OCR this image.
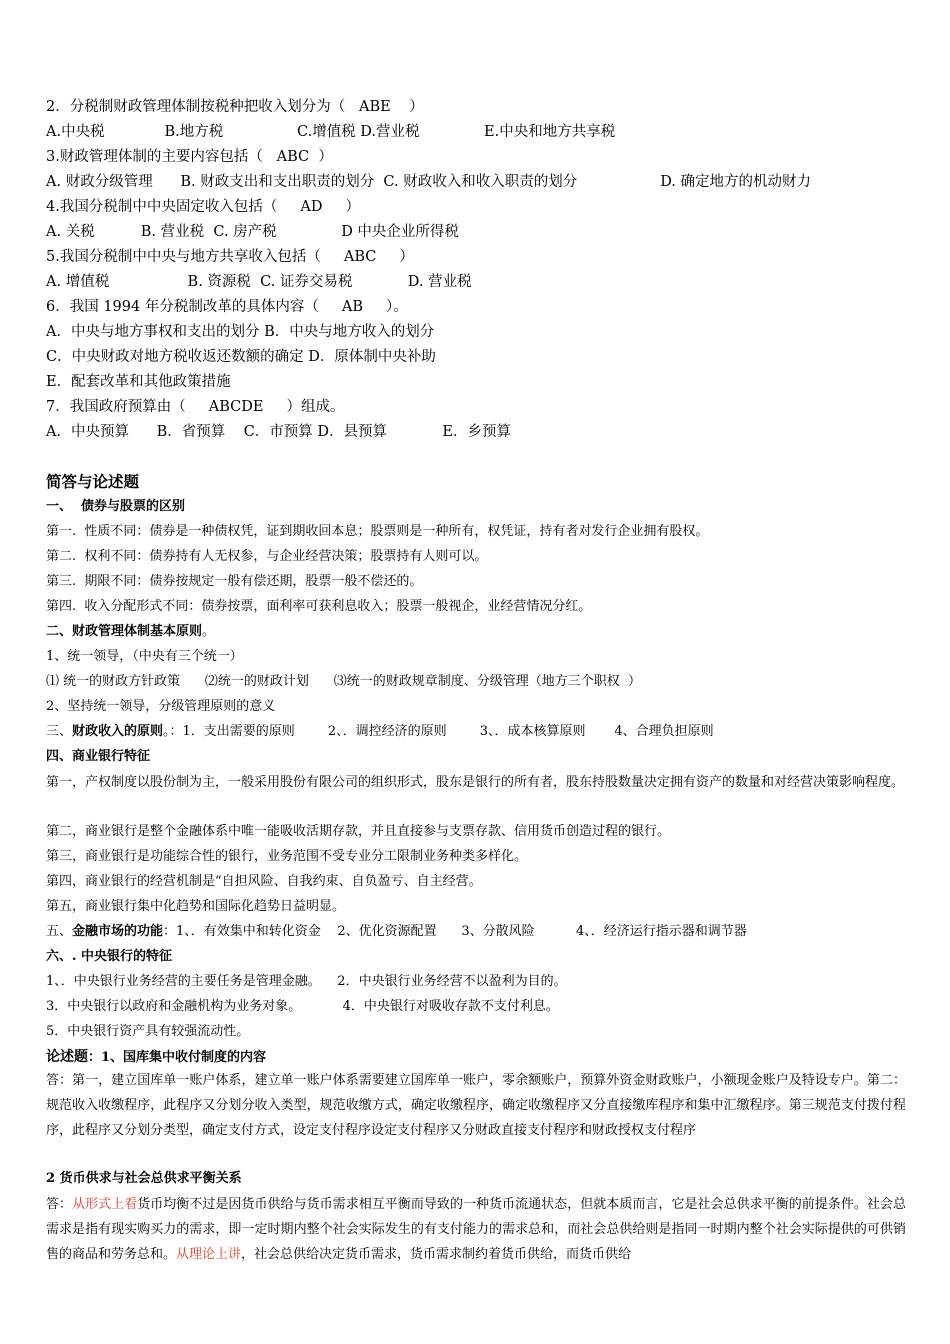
2．分税制财政管理体制按税种把收入划分为（   ABE    ）
A.中央税             B.地方税                C.增值税 D.营业税              E.中央和地方共享税
3.财政管理体制的主要内容包括（   ABC  ）
A. 财政分级管理      B. 财政支出和支出职责的划分  C. 财政收入和收入职责的划分                  D. 确定地方的机动财力
4.我国分税制中中央固定收入包括（     AD     ）
A. 关税          B. 营业税  C. 房产税              D 中央企业所得税
5.我国分税制中中央与地方共享收入包括（     ABC     ）
A. 增值税                 B. 资源税  C. 证券交易税            D. 营业税
6．我国 1994 年分税制改革的具体内容（     AB     ）。
A．中央与地方事权和支出的划分 B．中央与地方收入的划分
C．中央财政对地方税收返还数额的确定 D．原体制中央补助
E．配套改革和其他政策措施
7．我国政府预算由（     ABCDE     ）组成。
A．中央预算      B．省预算    C．市预算 D．县预算            E．乡预算
简答与论述题
一、  债券与股票的区别
第一.  性质不同：债券是一种债权凭，证到期收回本息；股票则是一种所有，权凭证，持有者对发行企业拥有股权。
第二.  权利不同：债券持有人无权参，与企业经营决策；股票持有人则可以。
第三.  期限不同：债券按规定一般有偿还期，股票一般不偿还的。
第四.  收入分配形式不同：债券按票，面利率可获利息收入；股票一般视企，业经营情况分红。
二、财政管理体制基本原则。
1、统一领导，（中央有三个统一）
⑴ 统一的财政方针政策      ⑵统一的财政计划      ⑶统一的财政规章制度、分级管理（地方三个职权  ）
2、坚持统一领导，分级管理原则的意义
三、财政收入的原则。：1．支出需要的原则        2、．调控经济的原则        3、．成本核算原则       4、合理负担原则
四、商业银行特征
第一，产权制度以股份制为主，一般采用股份有限公司的组织形式，股东是银行的所有者，股东持股数量决定拥有资产的数量和对经营决策影响程度。
第二，商业银行是整个金融体系中唯一能吸收活期存款，并且直接参与支票存款、信用货币创造过程的银行。
第三，商业银行是功能综合性的银行，业务范围不受专业分工限制业务种类多样化。
第四，商业银行的经营机制是“自担风险、自我约束、自负盈亏、自主经营。
第五，商业银行集中化趋势和国际化趋势日益明显。
五、金融市场的功能：1、．有效集中和转化资金    2、优化资源配置      3、分散风险          4、．经济运行指示器和调节器
六、. 中央银行的特征
1、．中央银行业务经营的主要任务是管理金融。    2．中央银行业务经营不以盈利为目的。
3．中央银行以政府和金融机构为业务对象。          4．中央银行对吸收存款不支付利息。
5．中央银行资产具有较强流动性。
论述题：1、国库集中收付制度的内容
答：第一，建立国库单一账户体系，建立单一账户体系需要建立国库单一账户，零余额账户，预算外资金财政账户，小额现金账户及特设专户。第二：规范收入收缴程序，此程序又分划分收入类型，规范收缴方式，确定收缴程序，确定收缴程序又分直接缴库程序和集中汇缴程序。第三规范支付拨付程序，此程序又分划分类型，确定支付方式，设定支付程序设定支付程序又分财政直接支付程序和财政授权支付程序
2 货币供求与社会总供求平衡关系
答：从形式上看货币均衡不过是因货币供给与货币需求相互平衡而导致的一种货币流通状态，但就本质而言，它是社会总供求平衡的前提条件。社会总需求是指有现实购买力的需求，即一定时期内整个社会实际发生的有支付能力的需求总和，而社会总供给则是指同一时期内整个社会实际提供的可供销售的商品和劳务总和。从理论上讲，社会总供给决定货币需求，货币需求制约着货币供给，而货币供给
